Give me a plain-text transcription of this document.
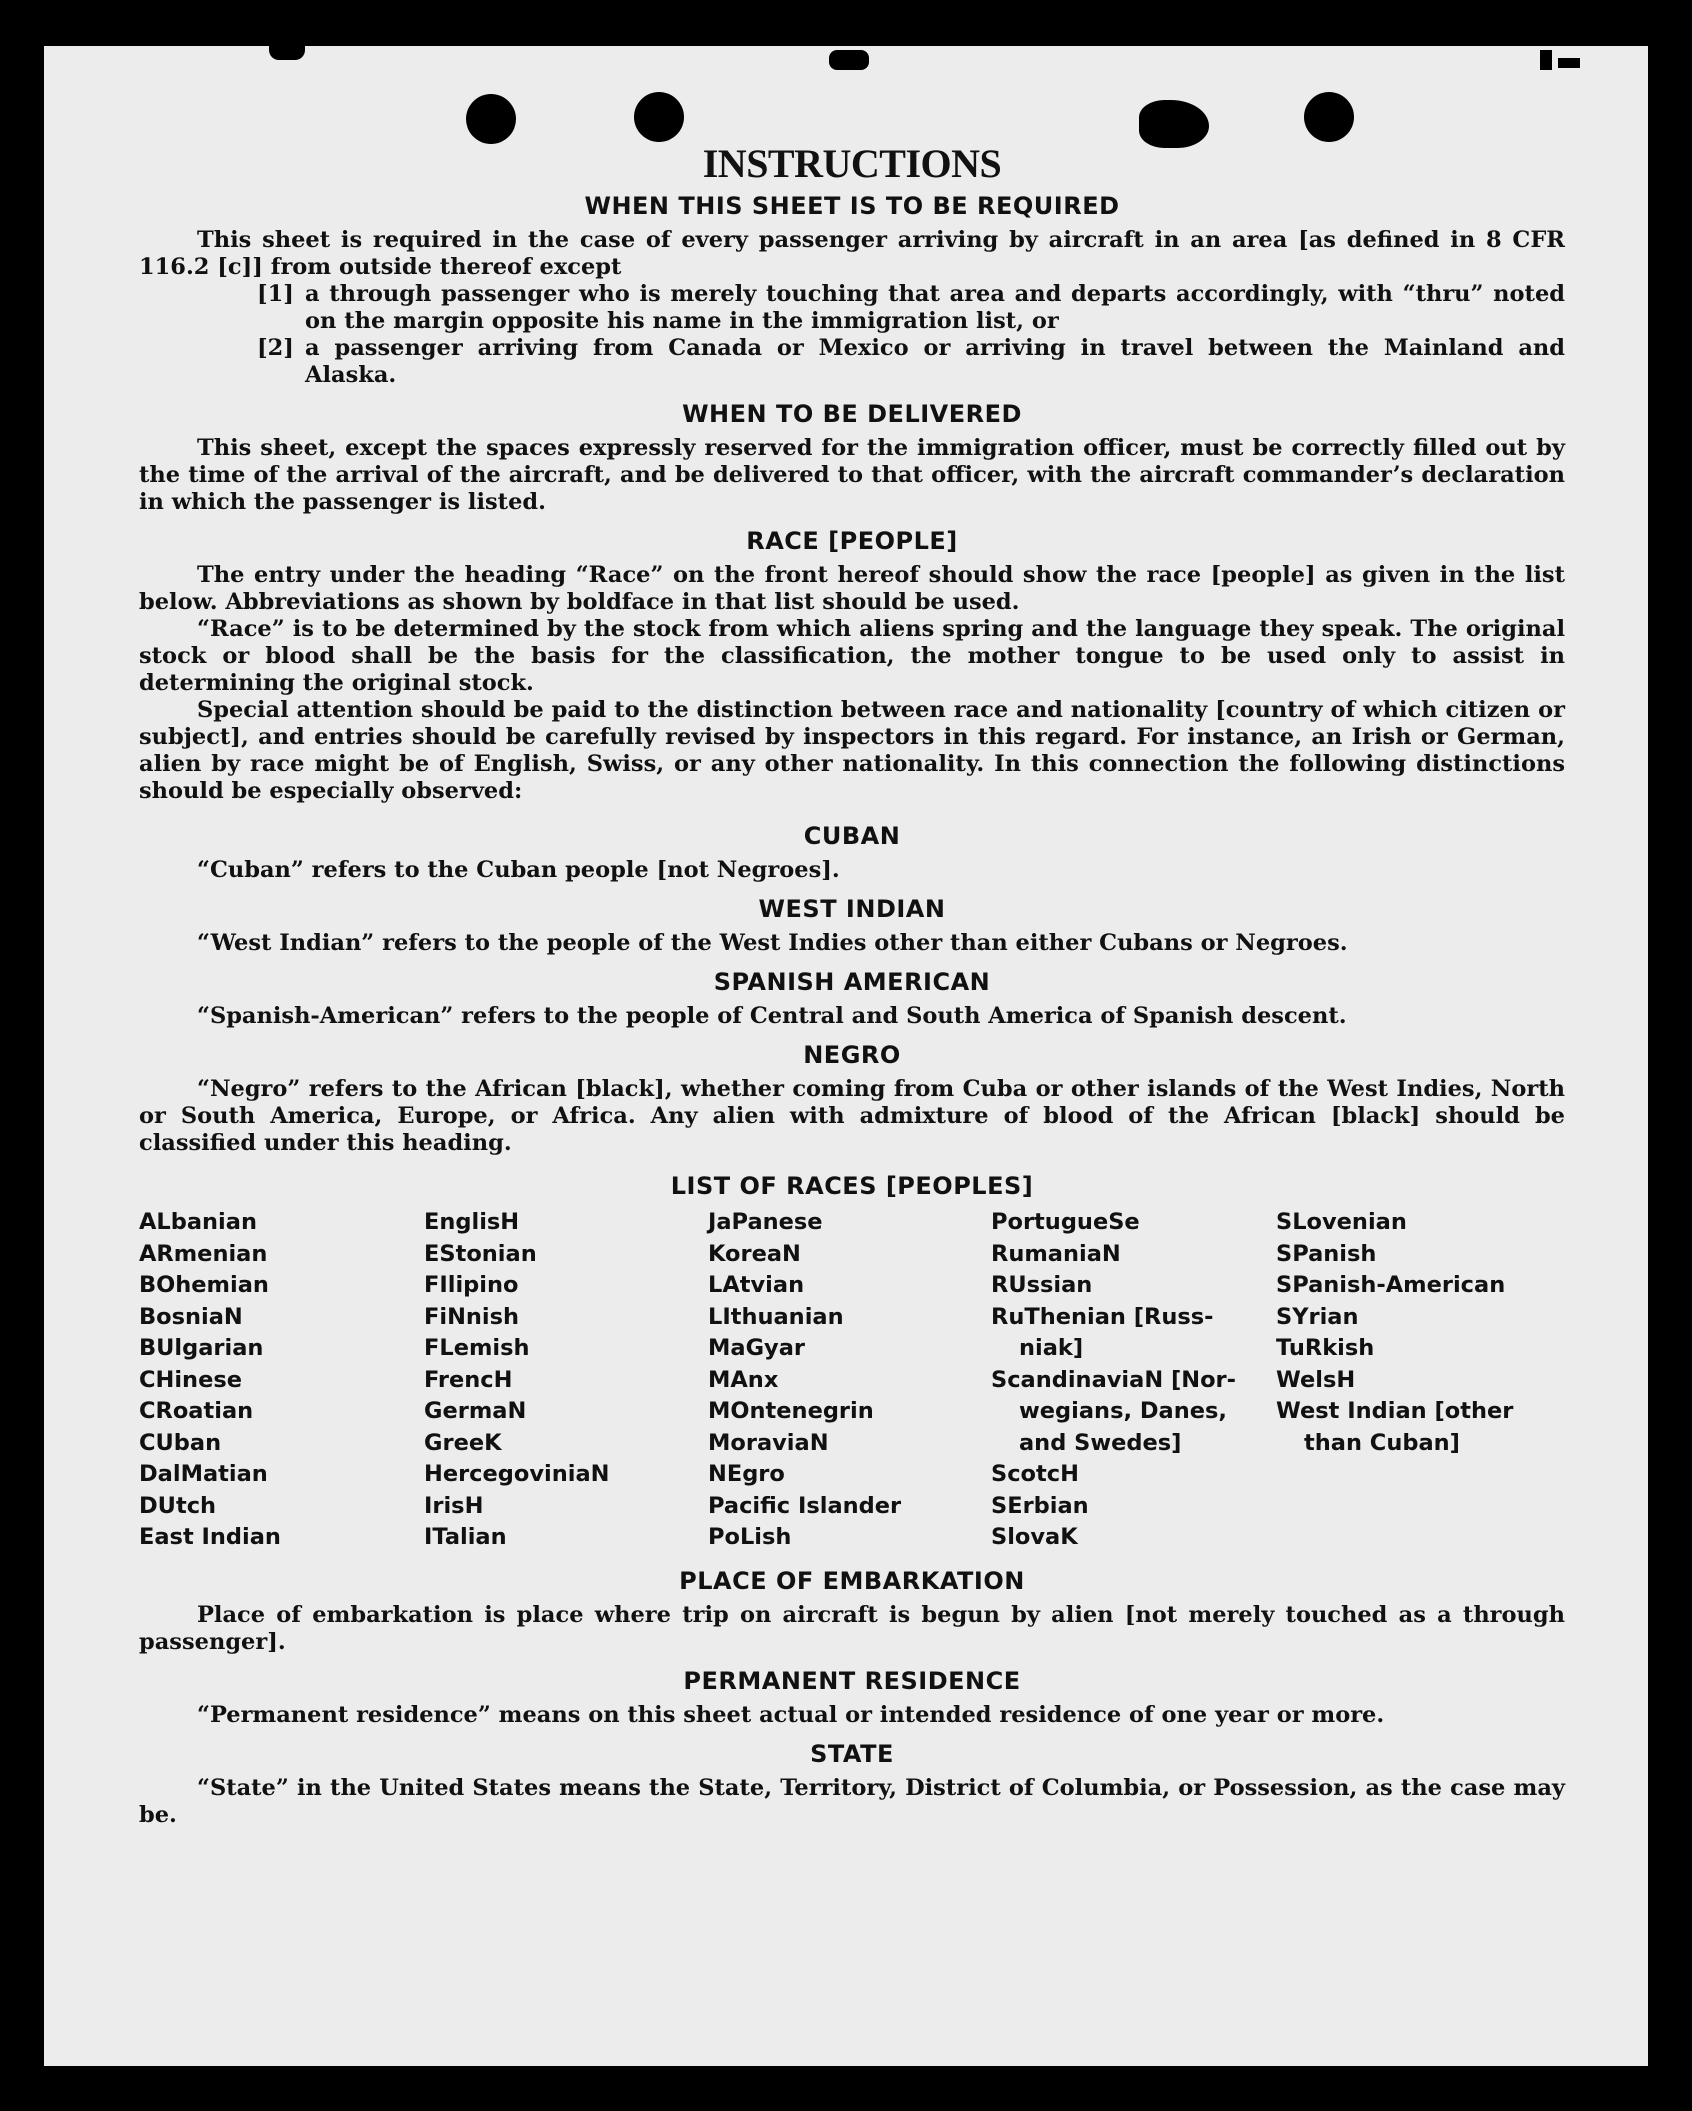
INSTRUCTIONS
WHEN THIS SHEET IS TO BE REQUIRED

This sheet is required in the case of every passenger arriving by aircraft in an area [as defined in 8 CFR 116.2 [c]] from outside thereof except

[1] a through passenger who is merely touching that area and departs accordingly, with “thru” noted on the margin opposite his name in the immigration list, or
[2] a passenger arriving from Canada or Mexico or arriving in travel between the Mainland and Alaska.
WHEN TO BE DELIVERED

This sheet, except the spaces expressly reserved for the immigration officer, must be correctly filled out by the time of the arrival of the aircraft, and be delivered to that officer, with the aircraft commander’s declaration in which the passenger is listed.

RACE [PEOPLE]

The entry under the heading “Race” on the front hereof should show the race [people] as given in the list below. Abbreviations as shown by boldface in that list should be used.

“Race” is to be determined by the stock from which aliens spring and the language they speak. The original stock or blood shall be the basis for the classification, the mother tongue to be used only to assist in determining the original stock.

Special attention should be paid to the distinction between race and nationality [country of which citizen or subject], and entries should be carefully revised by inspectors in this regard. For instance, an Irish or German, alien by race might be of English, Swiss, or any other nationality. In this connection the following distinctions should be especially observed:

CUBAN

“Cuban” refers to the Cuban people [not Negroes].

WEST INDIAN

“West Indian” refers to the people of the West Indies other than either Cubans or Negroes.

SPANISH AMERICAN

“Spanish-American” refers to the people of Central and South America of Spanish descent.

NEGRO

“Negro” refers to the African [black], whether coming from Cuba or other islands of the West Indies, North or South America, Europe, or Africa. Any alien with admixture of blood of the African [black] should be classified under this heading.

LIST OF RACES [PEOPLES]
ALbanian
ARmenian
BOhemian
BosniaN
BUlgarian
CHinese
CRoatian
CUban
DalMatian
DUtch
East Indian
EnglisH
EStonian
FIlipino
FiNnish
FLemish
FrencH
GermaN
GreeK
HercegoviniaN
IrisH
ITalian
JaPanese
KoreaN
LAtvian
LIthuanian
MaGyar
MAnx
MOntenegrin
MoraviaN
NEgro
Pacific Islander
PoLish
PortugueSe
RumaniaN
RUssian
RuThenian [Russ-
niak]
ScandinaviaN [Nor-
wegians, Danes,
and Swedes]
ScotcH
SErbian
SlovaK
SLovenian
SPanish
SPanish-American
SYrian
TuRkish
WelsH
West Indian [other
than Cuban]
PLACE OF EMBARKATION

Place of embarkation is place where trip on aircraft is begun by alien [not merely touched as a through passenger].

PERMANENT RESIDENCE

“Permanent residence” means on this sheet actual or intended residence of one year or more.

STATE

“State” in the United States means the State, Territory, District of Columbia, or Possession, as the case may be.
